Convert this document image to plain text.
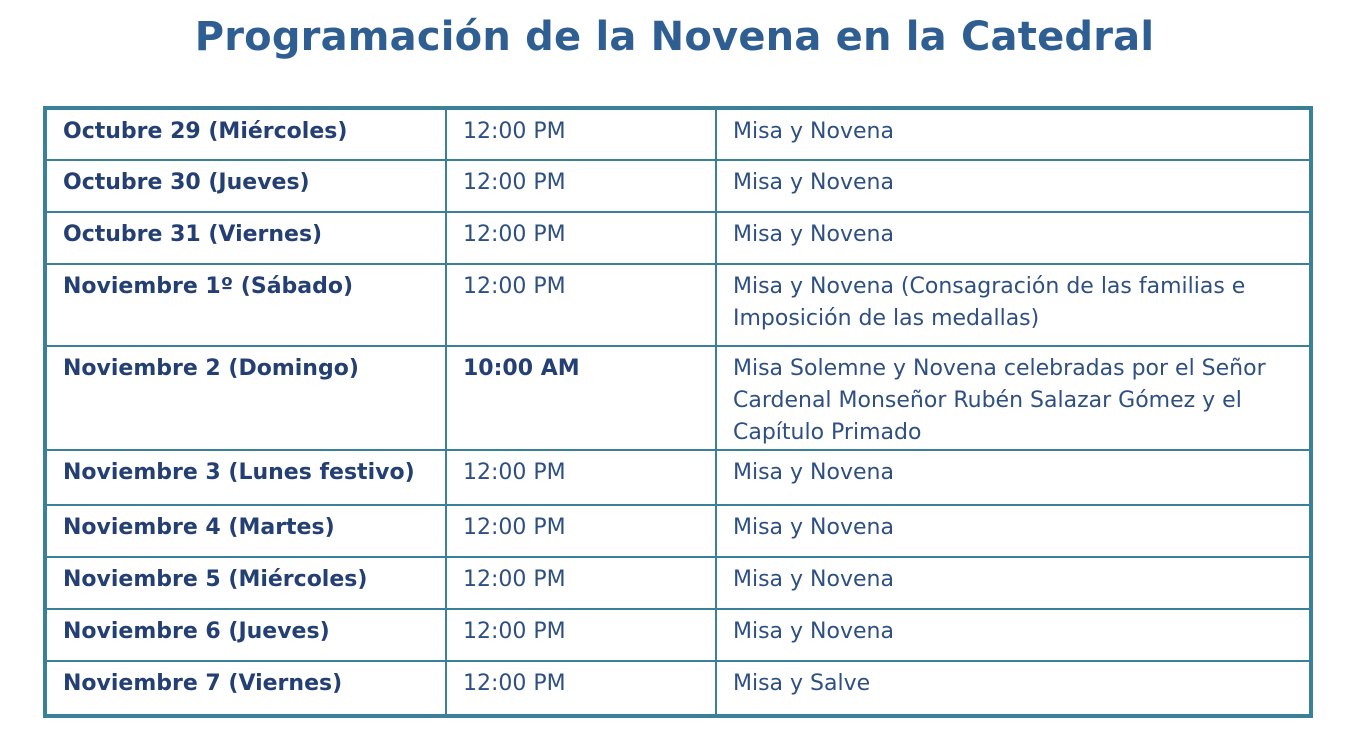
Programación de la Novena en la Catedral
Octubre 29 (Miércoles)	12:00 PM	Misa y Novena
Octubre 30 (Jueves)	12:00 PM	Misa y Novena
Octubre 31 (Viernes)	12:00 PM	Misa y Novena
Noviembre 1º (Sábado)	12:00 PM	Misa y Novena (Consagración de las familias e Imposición de las medallas)
Noviembre 2 (Domingo)	10:00 AM	Misa Solemne y Novena celebradas por el Señor Cardenal Monseñor Rubén Salazar Gómez y el Capítulo Primado
Noviembre 3 (Lunes festivo)	12:00 PM	Misa y Novena
Noviembre 4 (Martes)	12:00 PM	Misa y Novena
Noviembre 5 (Miércoles)	12:00 PM	Misa y Novena
Noviembre 6 (Jueves)	12:00 PM	Misa y Novena
Noviembre 7 (Viernes)	12:00 PM	Misa y Salve
